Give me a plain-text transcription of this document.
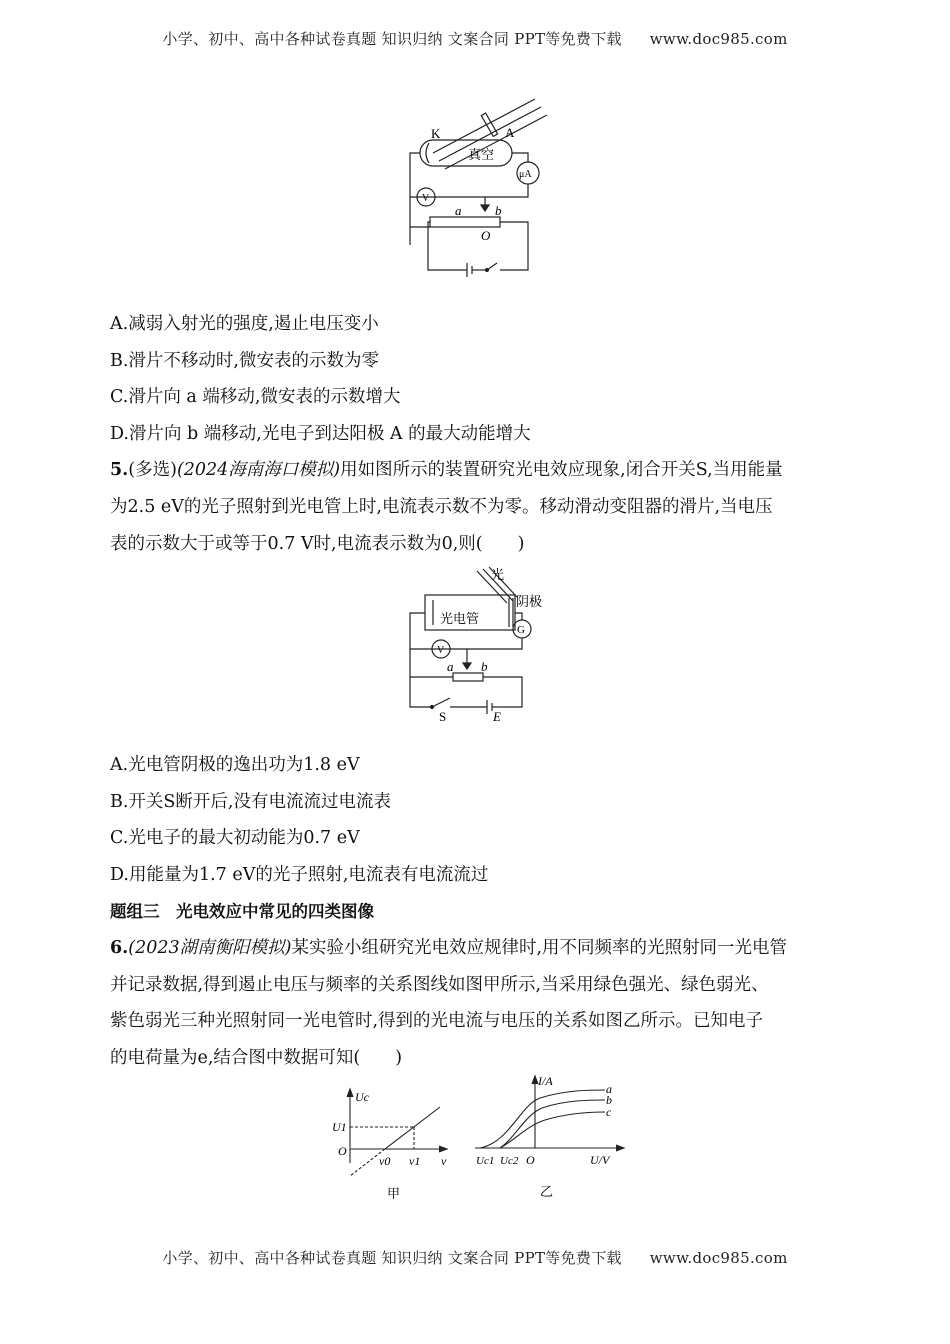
小学、初中、高中各种试卷真题 知识归纳 文案合同 PPT等免费下载 www.doc985.com
K	A
真空
μA
V
a	b
O
A.减弱入射光的强度,遏止电压变小
B.滑片不移动时,微安表的示数为零
C.滑片向 a 端移动,微安表的示数增大
D.滑片向 b 端移动,光电子到达阳极 A 的最大动能增大
5.(多选)(2024海南海口模拟)用如图所示的装置研究光电效应现象,闭合开关S,当用能量
为2.5 eV的光子照射到光电管上时,电流表示数不为零。移动滑动变阻器的滑片,当电压
表的示数大于或等于0.7 V时,电流表示数为0,则(　　)
光
阴极
光电管
G
V
a b
S	E
A.光电管阴极的逸出功为1.8 eV
B.开关S断开后,没有电流流过电流表
C.光电子的最大初动能为0.7 eV
D.用能量为1.7 eV的光子照射,电流表有电流流过
题组三　光电效应中常见的四类图像
6.(2023湖南衡阳模拟)某实验小组研究光电效应规律时,用不同频率的光照射同一光电管
并记录数据,得到遏止电压与频率的关系图线如图甲所示,当采用绿色强光、绿色弱光、
紫色弱光三种光照射同一光电管时,得到的光电流与电压的关系如图乙所示。已知电子
的电荷量为e,结合图中数据可知(　　)
Uc
U1
O
ν0 ν1 ν
甲
I/A
a
b
c
Uc1 Uc2 O	U/V
乙
小学、初中、高中各种试卷真题 知识归纳 文案合同 PPT等免费下载 www.doc985.com
